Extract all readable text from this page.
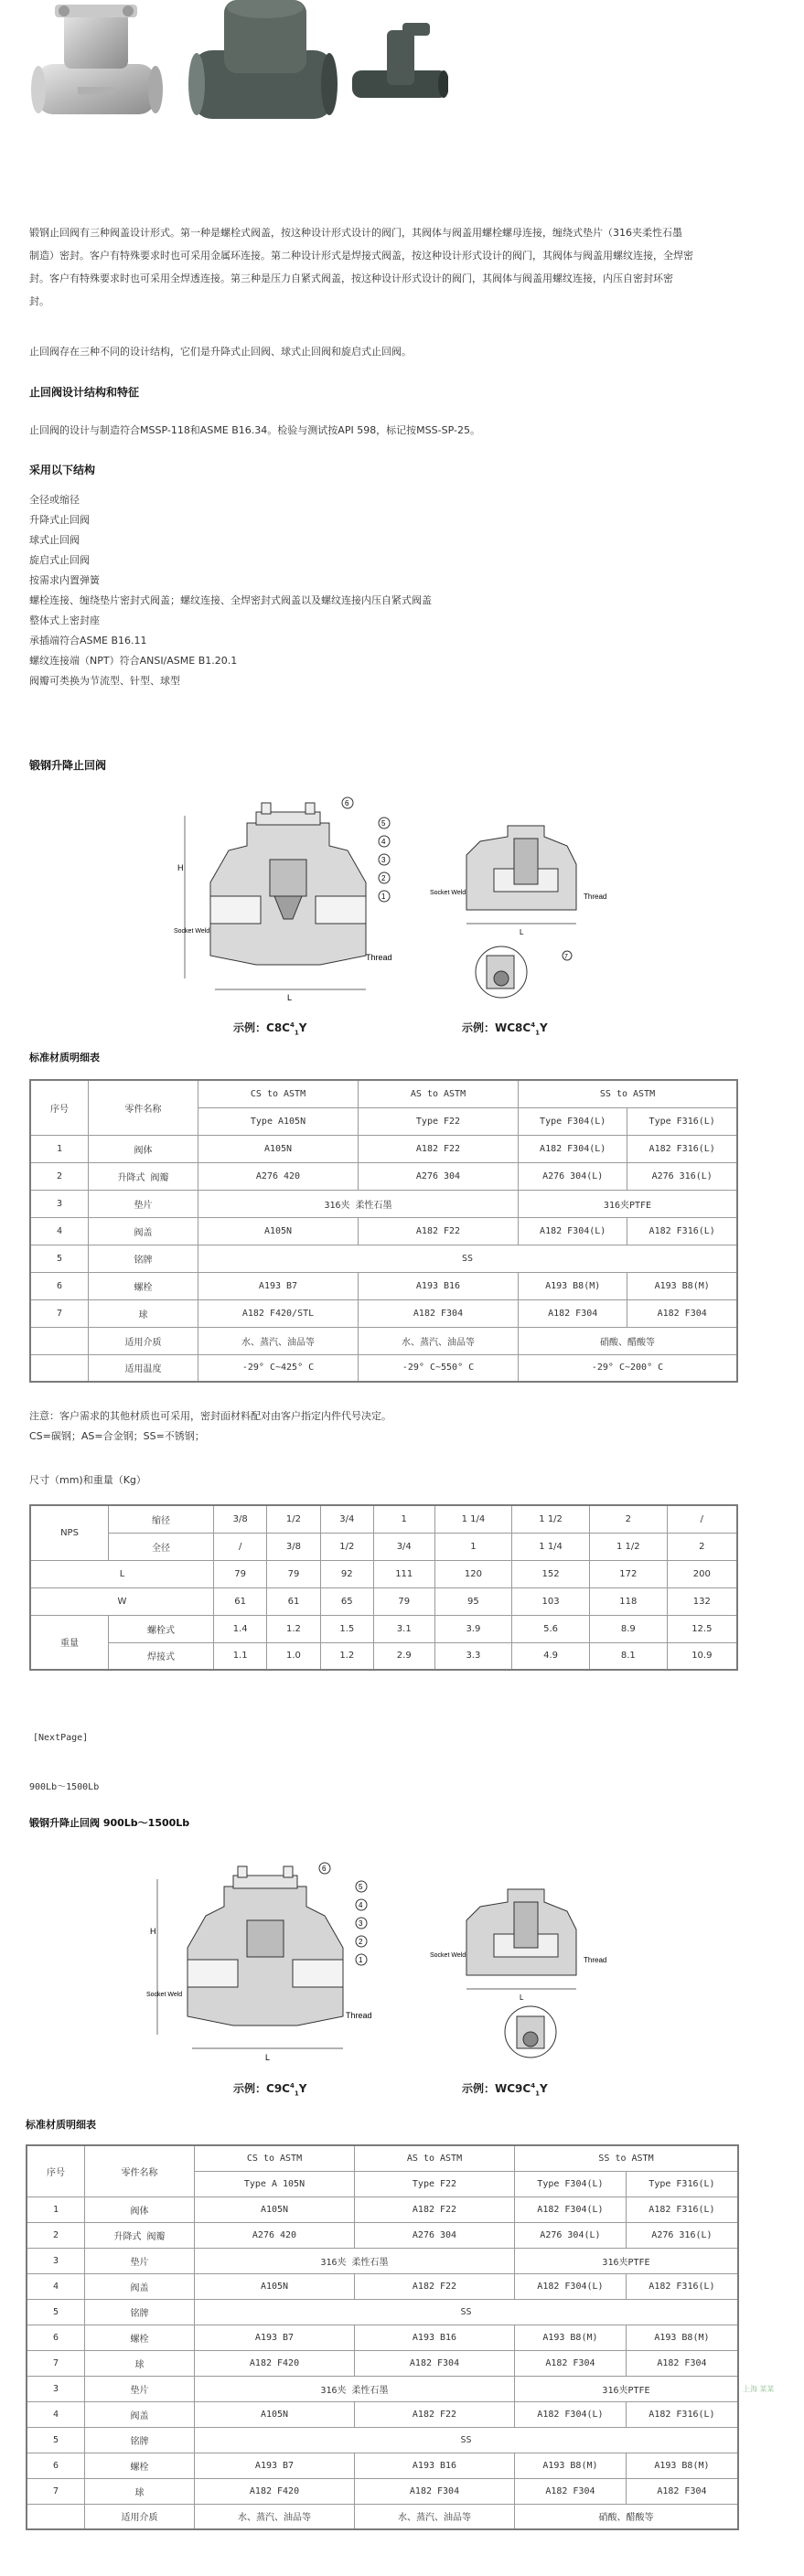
锻钢止回阀有三种阀盖设计形式。第一种是螺栓式阀盖，按这种设计形式设计的阀门，其阀体与阀盖用螺栓螺母连接，缠绕式垫片（316夹柔性石墨
制造）密封。客户有特殊要求时也可采用金属环连接。第二种设计形式是焊接式阀盖，按这种设计形式设计的阀门，其阀体与阀盖用螺纹连接，全焊密
封。客户有特殊要求时也可采用全焊透连接。第三种是压力自紧式阀盖，按这种设计形式设计的阀门，其阀体与阀盖用螺纹连接，内压自密封环密
封。
止回阀存在三种不同的设计结构，它们是升降式止回阀、球式止回阀和旋启式止回阀。
止回阀设计结构和特征
止回阀的设计与制造符合MSSP-118和ASME B16.34。检验与测试按API 598，标记按MSS-SP-25。
采用以下结构
全径或缩径
升降式止回阀
球式止回阀
旋启式止回阀
按需求内置弹簧
螺栓连接、缠绕垫片密封式阀盖；螺纹连接、全焊密封式阀盖以及螺纹连接内压自紧式阀盖
整体式上密封座
承插端符合ASME B16.11
螺纹连接端（NPT）符合ANSI/ASME B1.20.1
阀瓣可类换为节流型、针型、球型
锻钢升降止回阀
H
Socket Weld
Thread
L
6
5
4
3
2
1
示例：$C8C^4_1Y$
Socket Weld	Thread
L
7
示例：$WC8C^4_1Y$
标准材质明细表
序号	零件名称	CS to ASTM	AS to ASTM	SS to ASTM	
		Type A105N	Type F22	Type F304(L)	Type F316(L)
1	阀体	A105N	A182 F22	A182 F304(L)	A182 F316(L)
2	升降式 阀瓣	A276 420	A276 304	A276 304(L)	A276 316(L)
3	垫片	316夹 柔性石墨		316夹PTFE	
4	阀盖	A105N	A182 F22	A182 F304(L)	A182 F316(L)
5	铭牌	SS			
6	螺栓	A193 B7	A193 B16	A193 B8(M)	A193 B8(M)
7	球	A182 F420/STL	A182 F304	A182 F304	A182 F304
	适用介质	水、蒸汽、油品等	水、蒸汽、油品等	硝酸、醋酸等	
	适用温度	-29° C~425° C	-29° C~550° C	-29° C~200° C	
注意：客户需求的其他材质也可采用，密封面材料配对由客户指定内件代号决定。
CS=碳钢；AS=合金钢；SS=不锈钢；
尺寸（mm)和重量（Kg）
NPS	缩径	3/8	1/2	3/4	1	1 1/4	1 1/2	2	/
	全径	/	3/8	1/2	3/4	1	1 1/4	1 1/2	2
L		79	79	92	111	120	152	172	200
W		61	61	65	79	95	103	118	132
重量	螺栓式	1.4	1.2	1.5	3.1	3.9	5.6	8.9	12.5
	焊接式	1.1	1.0	1.2	2.9	3.3	4.9	8.1	10.9
[NextPage]
900Lb～1500Lb
锻钢升降止回阀 900Lb～1500Lb
H
Socket Weld
Thread
L
6
5
4
3
2
1
示例：$C9C^4_1Y$
Socket Weld
Thread
L
示例：$WC9C^4_1Y$
标准材质明细表
序号	零件名称	CS to ASTM	AS to ASTM	SS to ASTM	
		Type A 105N	Type F22	Type F304(L)	Type F316(L)
1	阀体	A105N	A182 F22	A182 F304(L)	A182 F316(L)
2	升降式 阀瓣	A276 420	A276 304	A276 304(L)	A276 316(L)
3	垫片	316夹 柔性石墨		316夹PTFE	
4	阀盖	A105N	A182 F22	A182 F304(L)	A182 F316(L)
5	铭牌	SS			
6	螺栓	A193 B7	A193 B16	A193 B8(M)	A193 B8(M)
7	球	A182 F420	A182 F304	A182 F304	A182 F304
3	垫片	316夹 柔性石墨		316夹PTFE	
4	阀盖	A105N	A182 F22	A182 F304(L)	A182 F316(L)
5	铭牌	SS			
6	螺栓	A193 B7	A193 B16	A193 B8(M)	A193 B8(M)
7	球	A182 F420	A182 F304	A182 F304	A182 F304
	适用介质	水、蒸汽、油品等	水、蒸汽、油品等	硝酸、醋酸等	
上海 某某
